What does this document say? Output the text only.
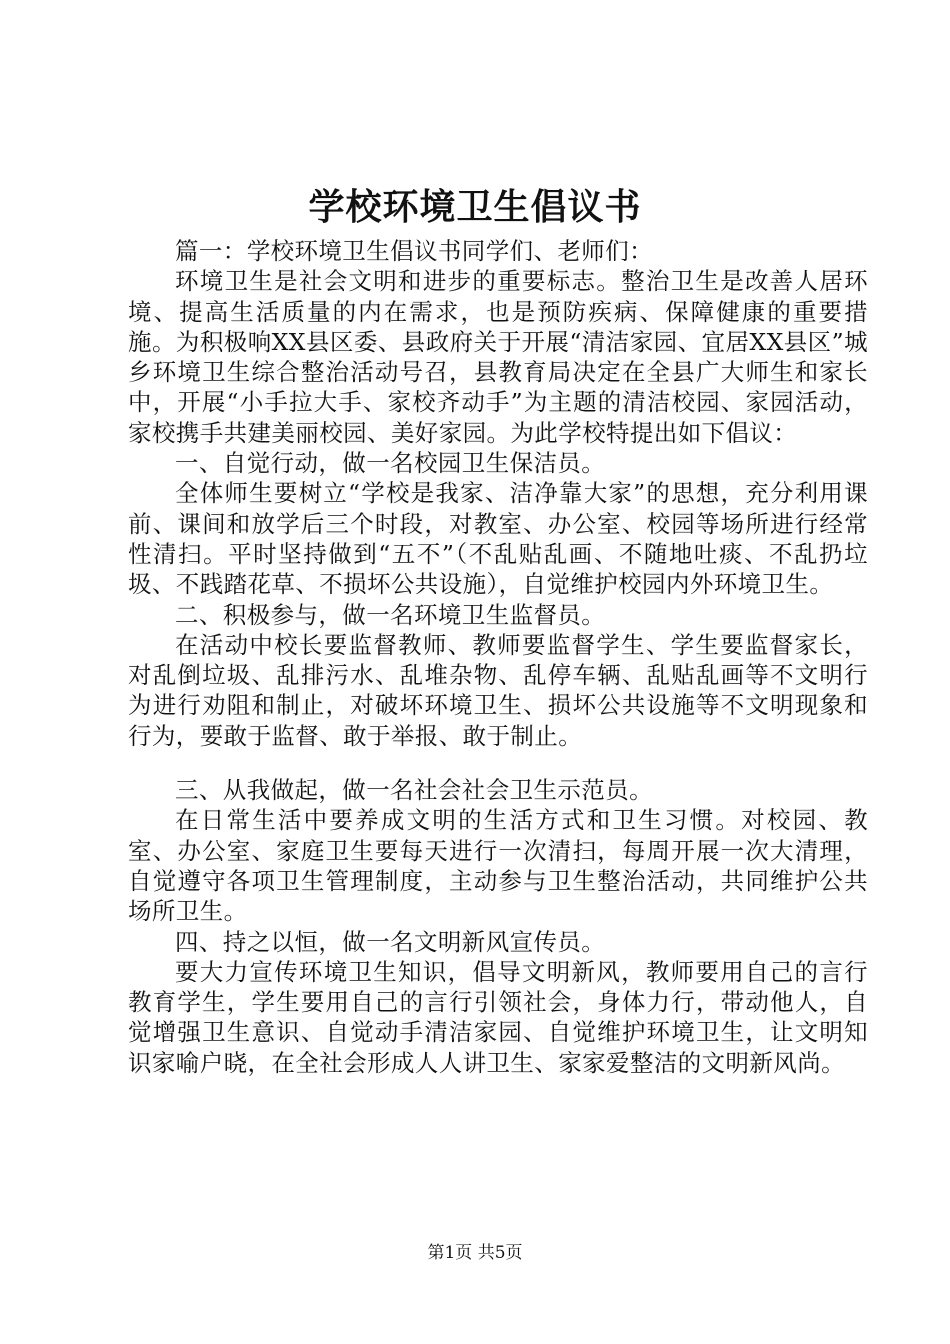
学校环境卫生倡议书

篇一：学校环境卫生倡议书同学们、老师们：

环境卫生是社会文明和进步的重要标志。整治卫生是改善人居环境、提高生活质量的内在需求，也是预防疾病、保障健康的重要措施。为积极响XX县区委、县政府关于开展“清洁家园、宜居XX县区”城乡环境卫生综合整治活动号召，县教育局决定在全县广大师生和家长中，开展“小手拉大手、家校齐动手”为主题的清洁校园、家园活动，家校携手共建美丽校园、美好家园。为此学校特提出如下倡议：

一、自觉行动，做一名校园卫生保洁员。

全体师生要树立“学校是我家、洁净靠大家”的思想，充分利用课前、课间和放学后三个时段，对教室、办公室、校园等场所进行经常性清扫。平时坚持做到“五不”（不乱贴乱画、不随地吐痰、不乱扔垃圾、不践踏花草、不损坏公共设施），自觉维护校园内外环境卫生。

二、积极参与，做一名环境卫生监督员。

在活动中校长要监督教师、教师要监督学生、学生要监督家长，对乱倒垃圾、乱排污水、乱堆杂物、乱停车辆、乱贴乱画等不文明行为进行劝阻和制止，对破坏环境卫生、损坏公共设施等不文明现象和行为，要敢于监督、敢于举报、敢于制止。

三、从我做起，做一名社会社会卫生示范员。

在日常生活中要养成文明的生活方式和卫生习惯。对校园、教室、办公室、家庭卫生要每天进行一次清扫，每周开展一次大清理，自觉遵守各项卫生管理制度，主动参与卫生整治活动，共同维护公共场所卫生。

四、持之以恒，做一名文明新风宣传员。

要大力宣传环境卫生知识，倡导文明新风，教师要用自己的言行教育学生，学生要用自己的言行引领社会，身体力行，带动他人，自觉增强卫生意识、自觉动手清洁家园、自觉维护环境卫生，让文明知识家喻户晓，在全社会形成人人讲卫生、家家爱整洁的文明新风尚。

第1页 共5页
